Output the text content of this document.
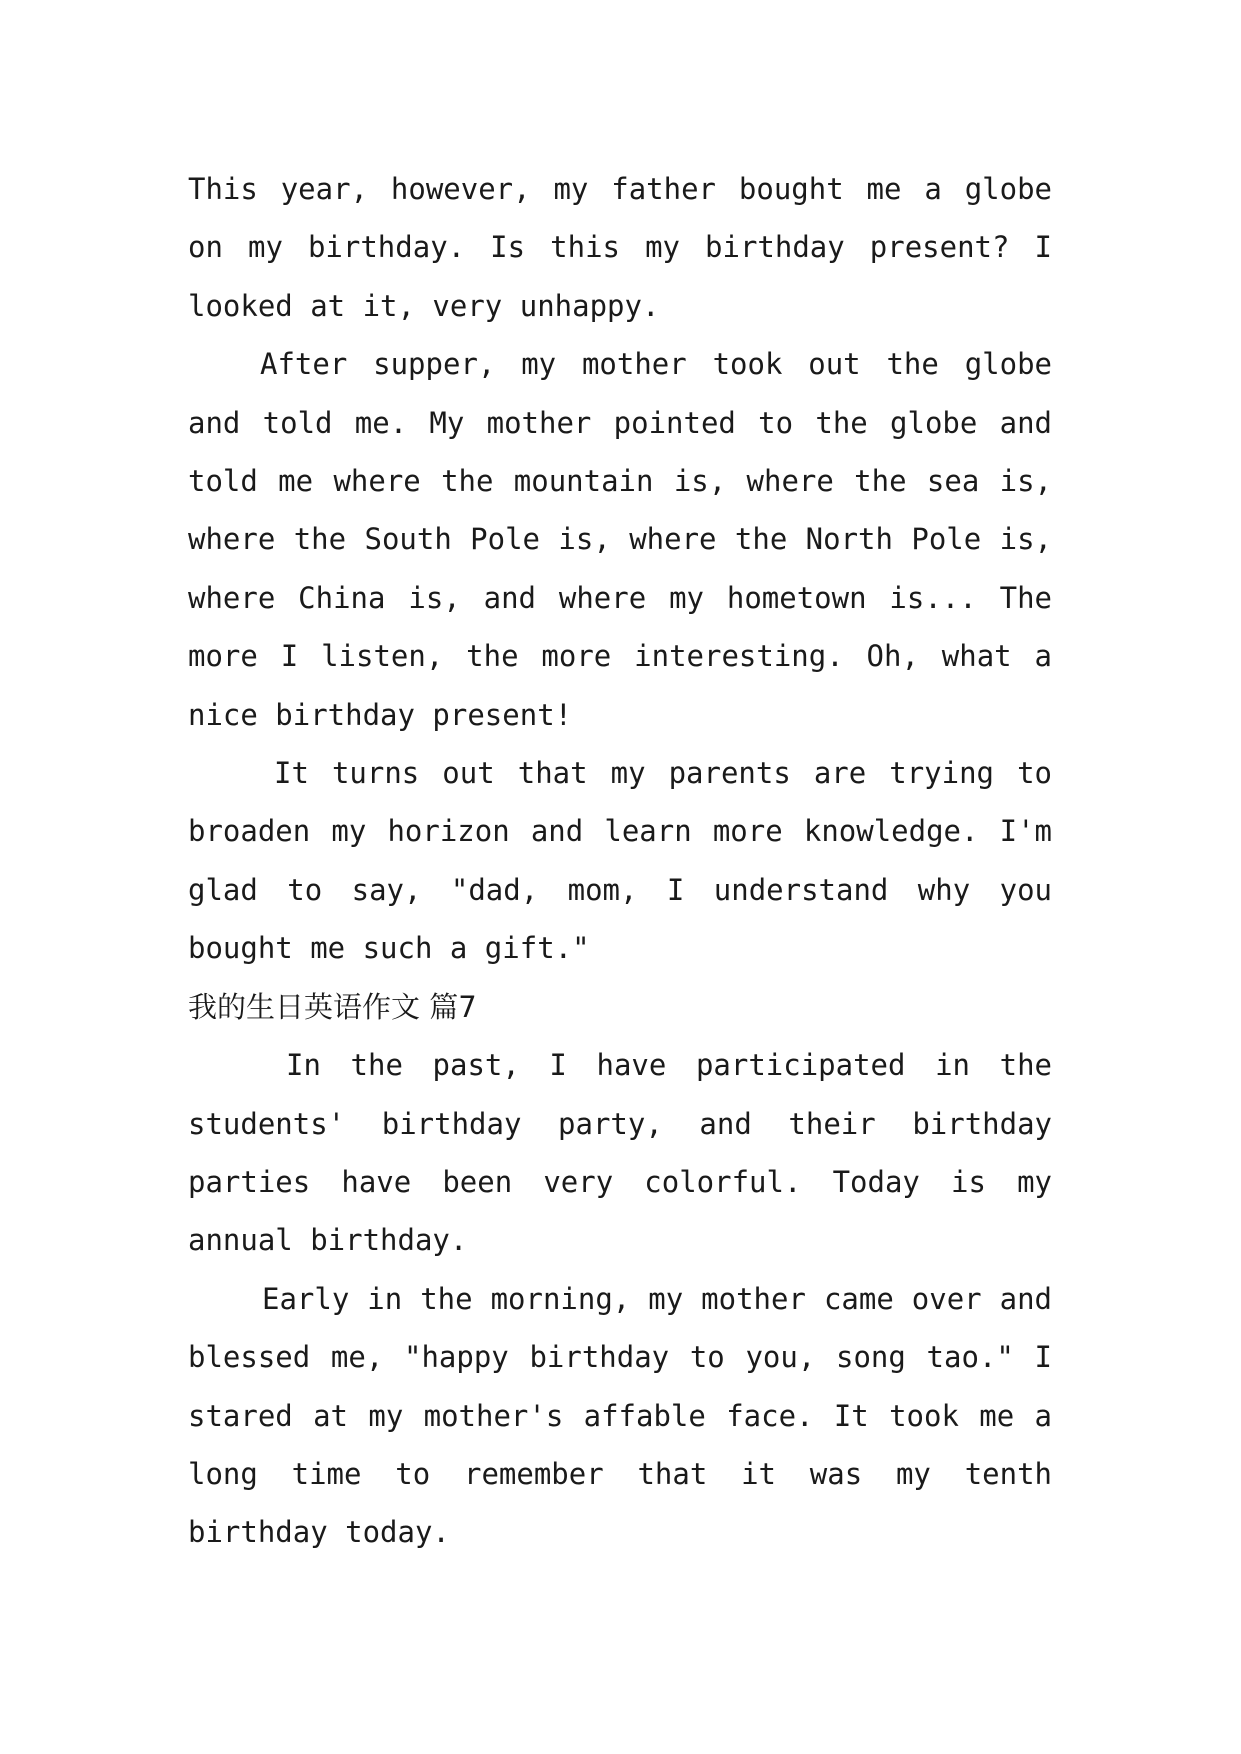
This year, however, my father bought me a globe on my birthday. Is this my birthday present? I looked at it, very unhappy.

After supper, my mother took out the globe and told me. My mother pointed to the globe and told me where the mountain is, where the sea is, where the South Pole is, where the North Pole is, where China is, and where my hometown is... The more I listen, the more interesting. Oh, what a nice birthday present!

It turns out that my parents are trying to broaden my horizon and learn more knowledge. I'm glad to say, "dad, mom, I understand why you bought me such a gift."

我的生日英语作文 篇7

In the past, I have participated in the students' birthday party, and their birthday parties have been very colorful. Today is my annual birthday.

Early in the morning, my mother came over and blessed me, "happy birthday to you, song tao." I stared at my mother's affable face. It took me a long time to remember that it was my tenth birthday today.
